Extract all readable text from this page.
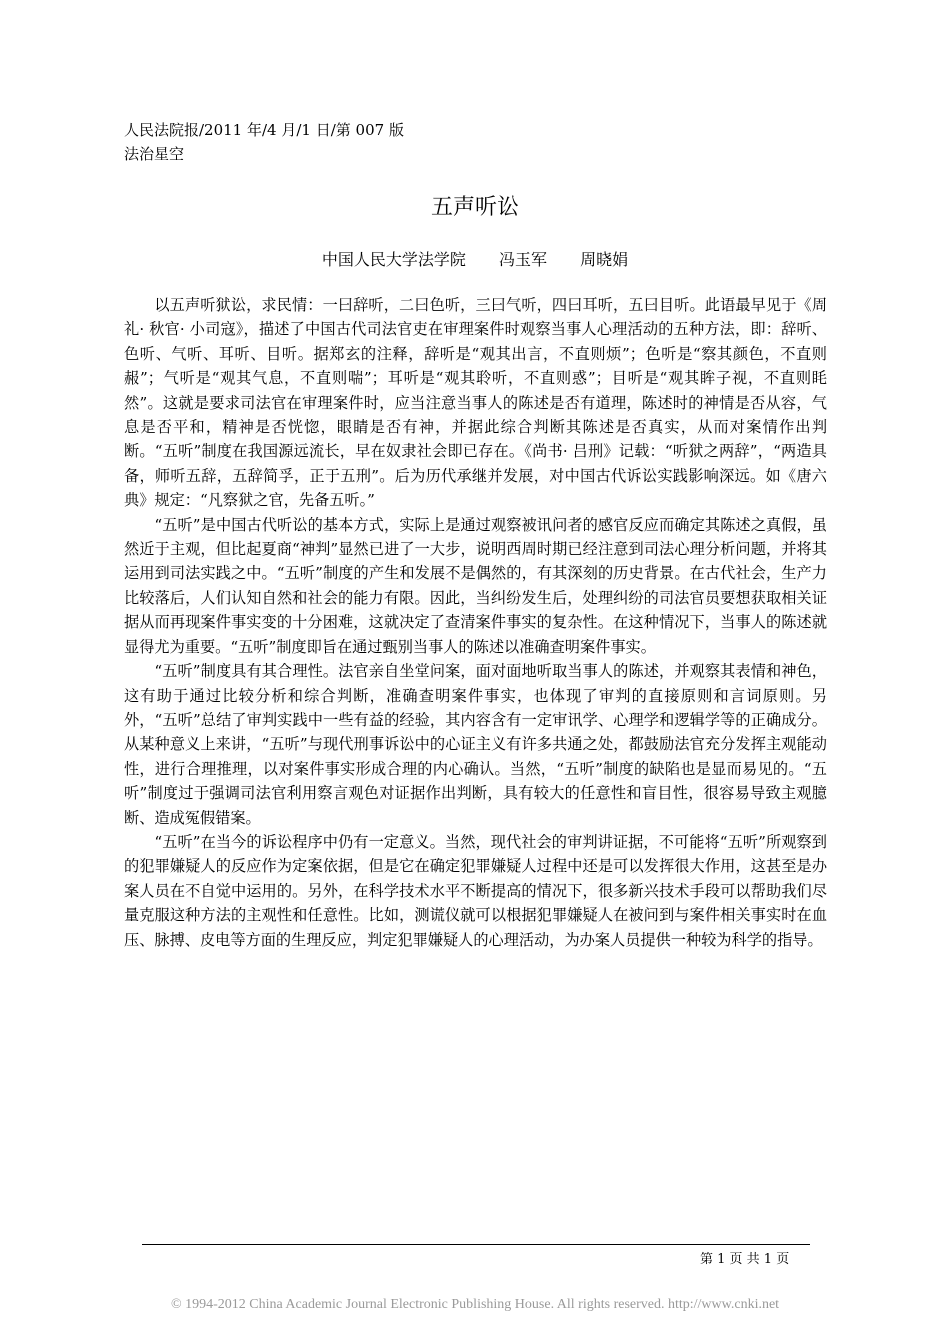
人民法院报/2011 年/4 月/1 日/第 007 版
法治星空
五声听讼
中国人民大学法学院 冯玉军 周晓娟

以五声听狱讼，求民情：一曰辞听，二曰色听，三曰气听，四曰耳听，五曰目听。此语最早见于《周礼· 秋官· 小司寇》，描述了中国古代司法官吏在审理案件时观察当事人心理活动的五种方法，即：辞听、色听、气听、耳听、目听。据郑玄的注释，辞听是“观其出言，不直则烦”；色听是“察其颜色，不直则赧”；气听是“观其气息，不直则喘”；耳听是“观其聆听，不直则惑”；目听是“观其眸子视，不直则眊然”。这就是要求司法官在审理案件时，应当注意当事人的陈述是否有道理，陈述时的神情是否从容，气息是否平和，精神是否恍惚，眼睛是否有神，并据此综合判断其陈述是否真实，从而对案情作出判断。“五听”制度在我国源远流长，早在奴隶社会即已存在。《尚书· 吕刑》记载：“听狱之两辞”，“两造具备，师听五辞，五辞简孚，正于五刑”。后为历代承继并发展，对中国古代诉讼实践影响深远。如《唐六典》规定：“凡察狱之官，先备五听。”

“五听”是中国古代听讼的基本方式，实际上是通过观察被讯问者的感官反应而确定其陈述之真假，虽然近于主观，但比起夏商“神判”显然已进了一大步，说明西周时期已经注意到司法心理分析问题，并将其运用到司法实践之中。“五听”制度的产生和发展不是偶然的，有其深刻的历史背景。在古代社会，生产力比较落后，人们认知自然和社会的能力有限。因此，当纠纷发生后，处理纠纷的司法官员要想获取相关证据从而再现案件事实变的十分困难，这就决定了查清案件事实的复杂性。在这种情况下，当事人的陈述就显得尤为重要。“五听”制度即旨在通过甄别当事人的陈述以准确查明案件事实。

“五听”制度具有其合理性。法官亲自坐堂问案，面对面地听取当事人的陈述，并观察其表情和神色，这有助于通过比较分析和综合判断，准确查明案件事实，也体现了审判的直接原则和言词原则。另外，“五听”总结了审判实践中一些有益的经验，其内容含有一定审讯学、心理学和逻辑学等的正确成分。从某种意义上来讲，“五听”与现代刑事诉讼中的心证主义有许多共通之处，都鼓励法官充分发挥主观能动性，进行合理推理，以对案件事实形成合理的内心确认。当然，“五听”制度的缺陷也是显而易见的。“五听”制度过于强调司法官利用察言观色对证据作出判断，具有较大的任意性和盲目性，很容易导致主观臆断、造成冤假错案。

“五听”在当今的诉讼程序中仍有一定意义。当然，现代社会的审判讲证据，不可能将“五听”所观察到的犯罪嫌疑人的反应作为定案依据，但是它在确定犯罪嫌疑人过程中还是可以发挥很大作用，这甚至是办案人员在不自觉中运用的。另外，在科学技术水平不断提高的情况下，很多新兴技术手段可以帮助我们尽量克服这种方法的主观性和任意性。比如，测谎仪就可以根据犯罪嫌疑人在被问到与案件相关事实时在血压、脉搏、皮电等方面的生理反应，判定犯罪嫌疑人的心理活动，为办案人员提供一种较为科学的指导。

第 1 页 共 1 页
© 1994-2012 China Academic Journal Electronic Publishing House. All rights reserved. http://www.cnki.net
